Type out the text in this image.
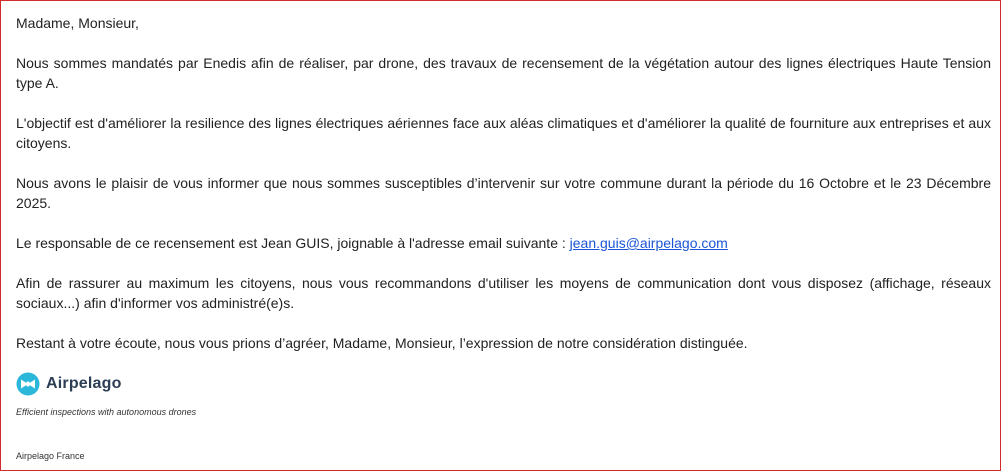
Madame, Monsieur,

Nous sommes mandatés par Enedis afin de réaliser, par drone, des travaux de recensement de la végétation autour des lignes électriques Haute Tension type A.

L'objectif est d'améliorer la resilience des lignes électriques aériennes face aux aléas climatiques et d'améliorer la qualité de fourniture aux entreprises et aux citoyens.

Nous avons le plaisir de vous informer que nous sommes susceptibles d’intervenir sur votre commune durant la période du 16 Octobre et le 23 Décembre 2025.

Le responsable de ce recensement est Jean GUIS, joignable à l'adresse email suivante : jean.guis@airpelago.com

Afin de rassurer au maximum les citoyens, nous vous recommandons d'utiliser les moyens de communication dont vous disposez (affichage, réseaux sociaux...) afin d'informer vos administré(e)s.

Restant à votre écoute, nous vous prions d’agréer, Madame, Monsieur, l’expression de notre considération distinguée.

Airpelago
Efficient inspections with autonomous drones
Airpelago France
